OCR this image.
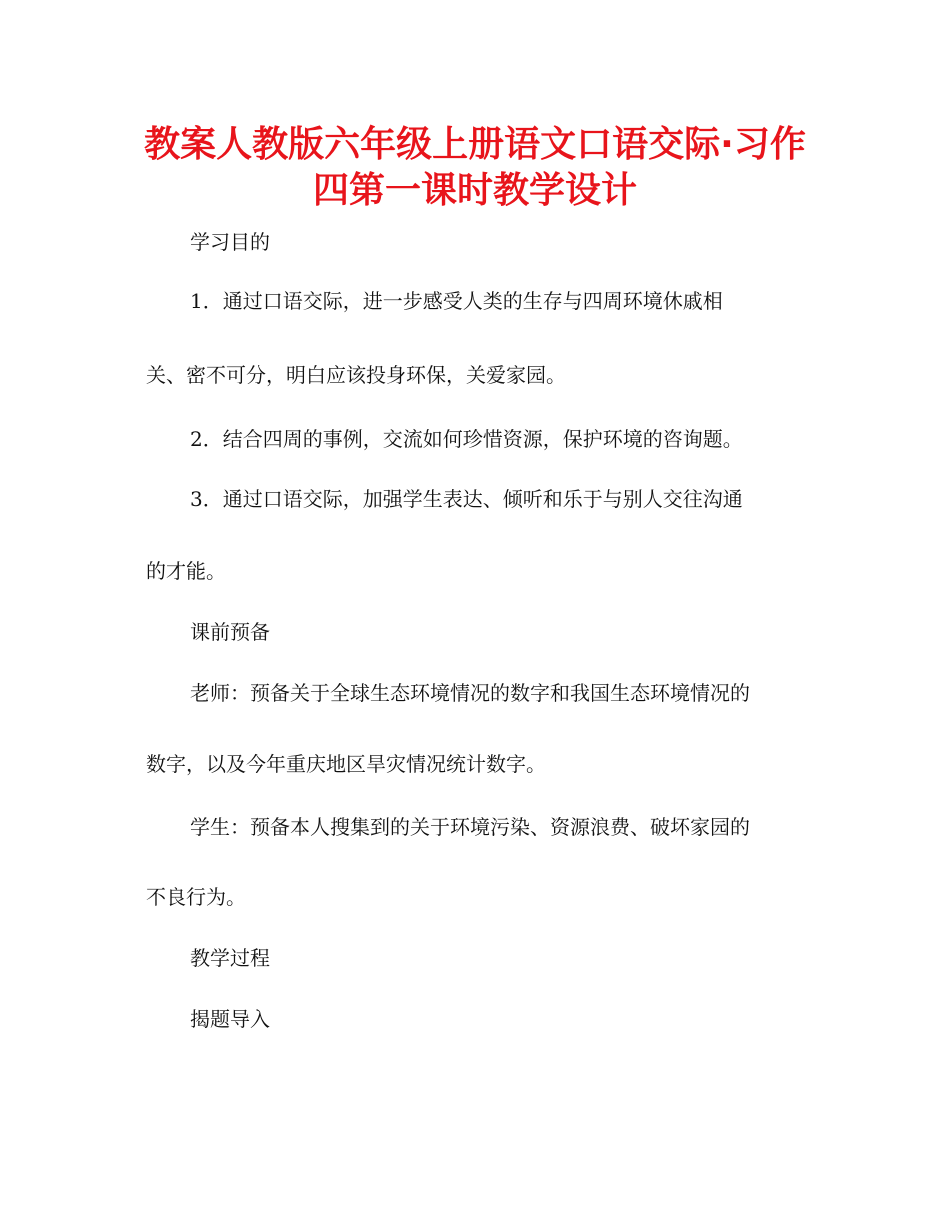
教案人教版六年级上册语文口语交际·习作
四第一课时教学设计
学习目的
1．通过口语交际，进一步感受人类的生存与四周环境休戚相
关、密不可分，明白应该投身环保，关爱家园。
2．结合四周的事例，交流如何珍惜资源，保护环境的咨询题。
3．通过口语交际，加强学生表达、倾听和乐于与别人交往沟通
的才能。
课前预备
老师：预备关于全球生态环境情况的数字和我国生态环境情况的
数字，以及今年重庆地区旱灾情况统计数字。
学生：预备本人搜集到的关于环境污染、资源浪费、破坏家园的
不良行为。
教学过程
揭题导入
